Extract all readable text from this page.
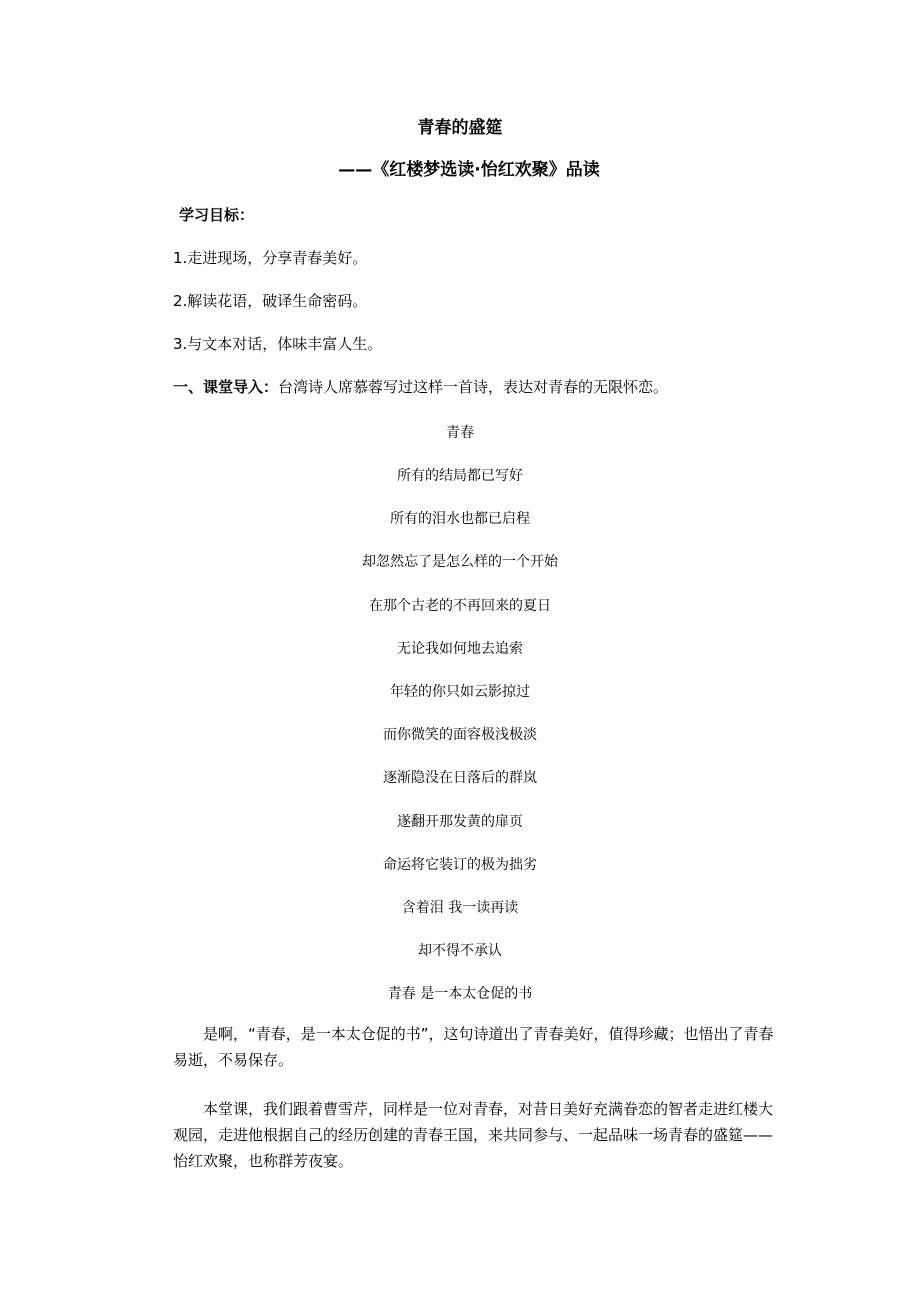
青春的盛筵
——《红楼梦选读·怡红欢聚》品读
学习目标：
1.走进现场，分享青春美好。
2.解读花语，破译生命密码。
3.与文本对话，体味丰富人生。
一、课堂导入：台湾诗人席慕蓉写过这样一首诗，表达对青春的无限怀恋。
青春
所有的结局都已写好
所有的泪水也都已启程
却忽然忘了是怎么样的一个开始
在那个古老的不再回来的夏日
无论我如何地去追索
年轻的你只如云影掠过
而你微笑的面容极浅极淡
逐渐隐没在日落后的群岚
遂翻开那发黄的扉页
命运将它装订的极为拙劣
含着泪 我一读再读
却不得不承认
青春 是一本太仓促的书

是啊，“青春，是一本太仓促的书”，这句诗道出了青春美好，值得珍藏；也悟出了青春易逝，不易保存。

本堂课，我们跟着曹雪芹，同样是一位对青春，对昔日美好充满眷恋的智者走进红楼大观园，走进他根据自己的经历创建的青春王国，来共同参与、一起品味一场青春的盛筵——怡红欢聚，也称群芳夜宴。
